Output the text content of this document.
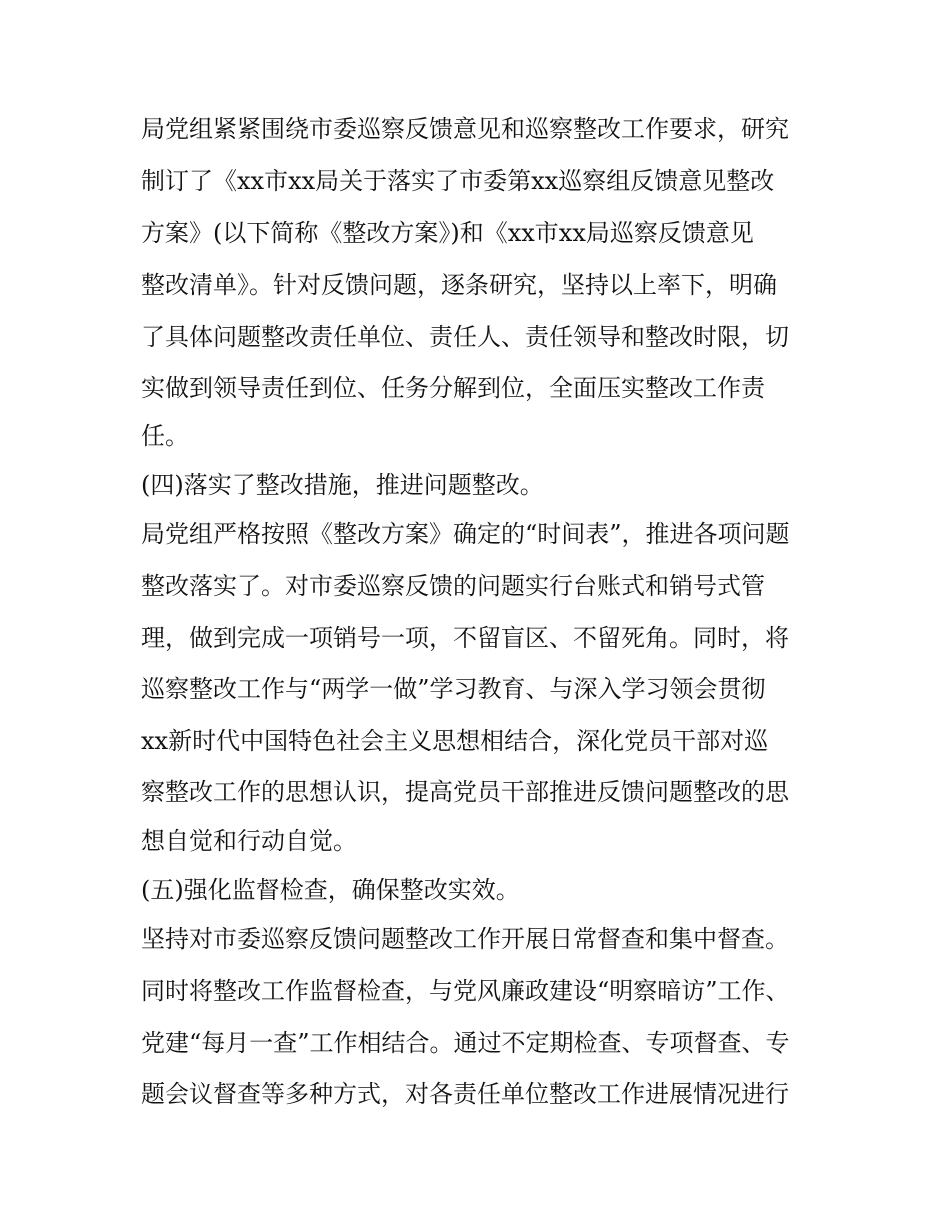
局党组紧紧围绕市委巡察反馈意见和巡察整改工作要求，研究
制订了《xx市xx局关于落实了市委第xx巡察组反馈意见整改
方案》(以下简称《整改方案》)和《xx市xx局巡察反馈意见
整改清单》。针对反馈问题，逐条研究，坚持以上率下，明确
了具体问题整改责任单位、责任人、责任领导和整改时限，切
实做到领导责任到位、任务分解到位，全面压实整改工作责
任。
(四)落实了整改措施，推进问题整改。
局党组严格按照《整改方案》确定的“时间表”，推进各项问题
整改落实了。对市委巡察反馈的问题实行台账式和销号式管
理，做到完成一项销号一项，不留盲区、不留死角。同时，将
巡察整改工作与“两学一做”学习教育、与深入学习领会贯彻
xx新时代中国特色社会主义思想相结合，深化党员干部对巡
察整改工作的思想认识，提高党员干部推进反馈问题整改的思
想自觉和行动自觉。
(五)强化监督检查，确保整改实效。
坚持对市委巡察反馈问题整改工作开展日常督查和集中督查。
同时将整改工作监督检查，与党风廉政建设“明察暗访”工作、
党建“每月一查”工作相结合。通过不定期检查、专项督查、专
题会议督查等多种方式，对各责任单位整改工作进展情况进行
